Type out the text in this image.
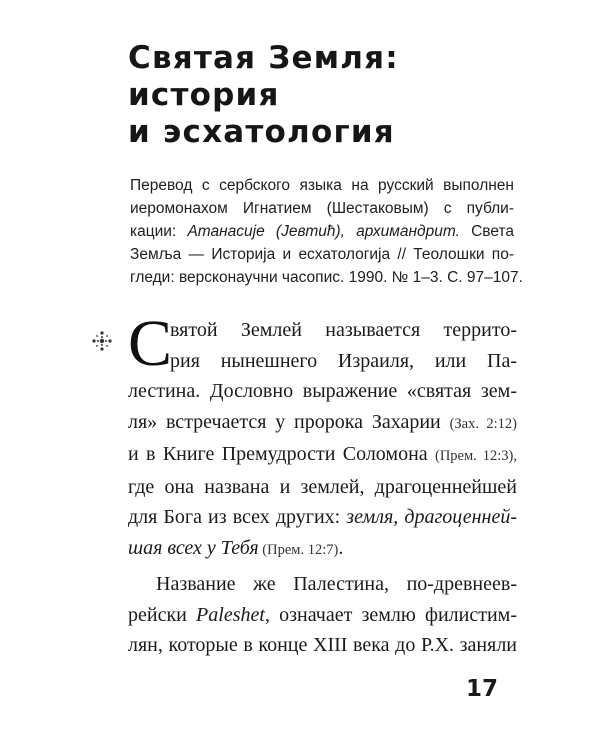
Святая Земля:
история
и эсхатология
Перевод с сербского языка на русский выполнен
иеромонахом Игнатием (Шестаковым) с публи-
кации: Атанасије (Јевтић), архимандрит. Света
Земља — Историја и есхатологија // Теолошки по-
гледи: версконаучни часопис. 1990. № 1–3. С. 97–107.
С
вятой Землей называется террито-
рия нынешнего Израиля, или Па-
лестина. Дословно выражение «святая зем-
ля» встречается у пророка Захарии (Зах. 2:12)
и в Книге Премудрости Соломона (Прем. 12:3),
где она названа и землей, драгоценнейшей
для Бога из всех других: земля, драгоценней-
шая всех у Тебя (Прем. 12:7).
Название же Палестина, по-древнеев-
рейски Paleshet, означает землю филистим-
лян, которые в конце XIII века до Р.Х. заняли
17
